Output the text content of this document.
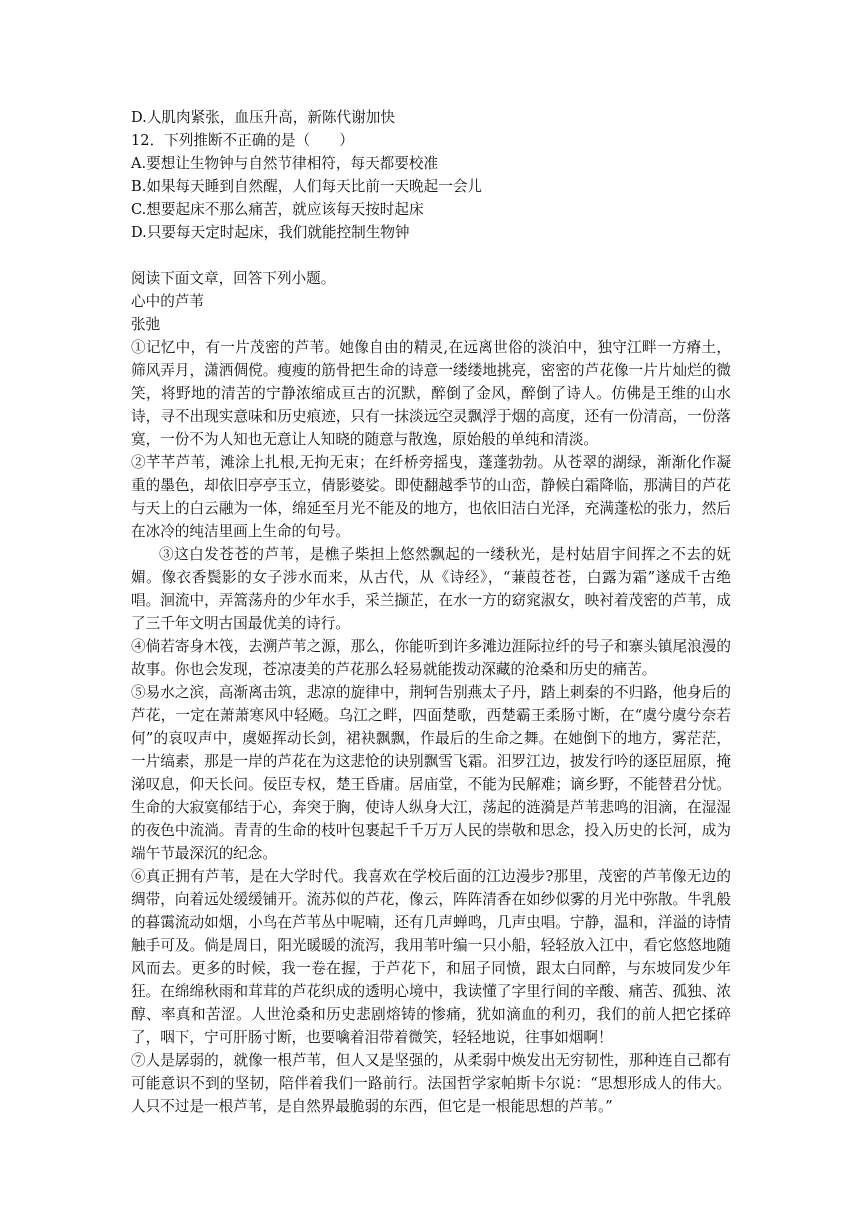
D.人肌肉紧张，血压升高，新陈代谢加快

12．下列推断不正确的是（　　）

A.要想让生物钟与自然节律相符，每天都要校准

B.如果每天睡到自然醒，人们每天比前一天晚起一会儿

C.想要起床不那么痛苦，就应该每天按时起床

D.只要每天定时起床，我们就能控制生物钟

阅读下面文章，回答下列小题。

心中的芦苇

张弛

①记忆中，有一片茂密的芦苇。她像自由的精灵,在远离世俗的淡泊中，独守江畔一方瘠土，筛风弄月，潇洒倜傥。瘦瘦的筋骨把生命的诗意一缕缕地挑亮，密密的芦花像一片片灿烂的微笑，将野地的清苦的宁静浓缩成亘古的沉默，醉倒了金风，醉倒了诗人。仿佛是王维的山水诗，寻不出现实意味和历史痕迹，只有一抹淡远空灵飘浮于烟的高度，还有一份清高，一份落寞，一份不为人知也无意让人知晓的随意与散逸，原始般的单纯和清淡。

②芊芊芦苇，滩涂上扎根,无拘无束；在纤桥旁摇曳，蓬蓬勃勃。从苍翠的湖绿，渐渐化作凝重的墨色，却依旧亭亭玉立，倩影婆娑。即使翻越季节的山峦，静候白霜降临，那满目的芦花与天上的白云融为一体，绵延至月光不能及的地方，也依旧洁白光泽，充满蓬松的张力，然后在冰冷的纯洁里画上生命的句号。

③这白发苍苍的芦苇，是樵子柴担上悠然飘起的一缕秋光，是村姑眉宇间挥之不去的妩媚。像衣香鬓影的女子涉水而来，从古代，从《诗经》，“蒹葭苍苍，白露为霜”遂成千古绝唱。洄流中，弄篙荡舟的少年水手，采兰撷芷，在水一方的窈窕淑女，映衬着茂密的芦苇，成了三千年文明古国最优美的诗行。

④倘若寄身木筏，去溯芦苇之源，那么，你能听到许多滩边涯际拉纤的号子和寨头镇尾浪漫的故事。你也会发现，苍凉凄美的芦花那么轻易就能拨动深藏的沧桑和历史的痛苦。

⑤易水之滨，高渐离击筑，悲凉的旋律中，荆轲告别燕太子丹，踏上刺秦的不归路，他身后的芦花，一定在萧萧寒风中轻飏。乌江之畔，四面楚歌，西楚霸王柔肠寸断，在“虞兮虞兮奈若何”的哀叹声中，虞姬挥动长剑，裙袂飘飘，作最后的生命之舞。在她倒下的地方，雾茫茫，一片缟素，那是一岸的芦花在为这悲怆的诀别飘雪飞霜。汨罗江边，披发行吟的逐臣屈原，掩涕叹息，仰天长问。佞臣专权，楚王昏庸。居庙堂，不能为民解难；谪乡野，不能替君分忧。生命的大寂寞郁结于心，奔突于胸，使诗人纵身大江，荡起的涟漪是芦苇悲鸣的泪滴，在湿湿的夜色中流淌。青青的生命的枝叶包裹起千千万万人民的崇敬和思念，投入历史的长河，成为端午节最深沉的纪念。

⑥真正拥有芦苇，是在大学时代。我喜欢在学校后面的江边漫步?那里，茂密的芦苇像无边的绸带，向着远处缓缓铺开。流苏似的芦花，像云，阵阵清香在如纱似雾的月光中弥散。牛乳般的暮霭流动如烟，小鸟在芦苇丛中呢喃，还有几声蝉鸣，几声虫唱。宁静，温和，洋溢的诗情触手可及。倘是周日，阳光暖暖的流泻，我用苇叶编一只小船，轻轻放入江中，看它悠悠地随风而去。更多的时候，我一卷在握，于芦花下，和屈子同愤，跟太白同醉，与东坡同发少年狂。在绵绵秋雨和茸茸的芦花织成的透明心境中，我读懂了字里行间的辛酸、痛苦、孤独、浓醇、率真和苦涩。人世沧桑和历史悲剧熔铸的惨痛，犹如滴血的利刃，我们的前人把它揉碎了，咽下，宁可肝肠寸断，也要噙着泪带着微笑，轻轻地说，往事如烟啊！

⑦人是孱弱的，就像一根芦苇，但人又是坚强的，从柔弱中焕发出无穷韧性，那种连自己都有可能意识不到的坚韧，陪伴着我们一路前行。法国哲学家帕斯卡尔说：“思想形成人的伟大。人只不过是一根芦苇，是自然界最脆弱的东西，但它是一根能思想的芦苇。”
